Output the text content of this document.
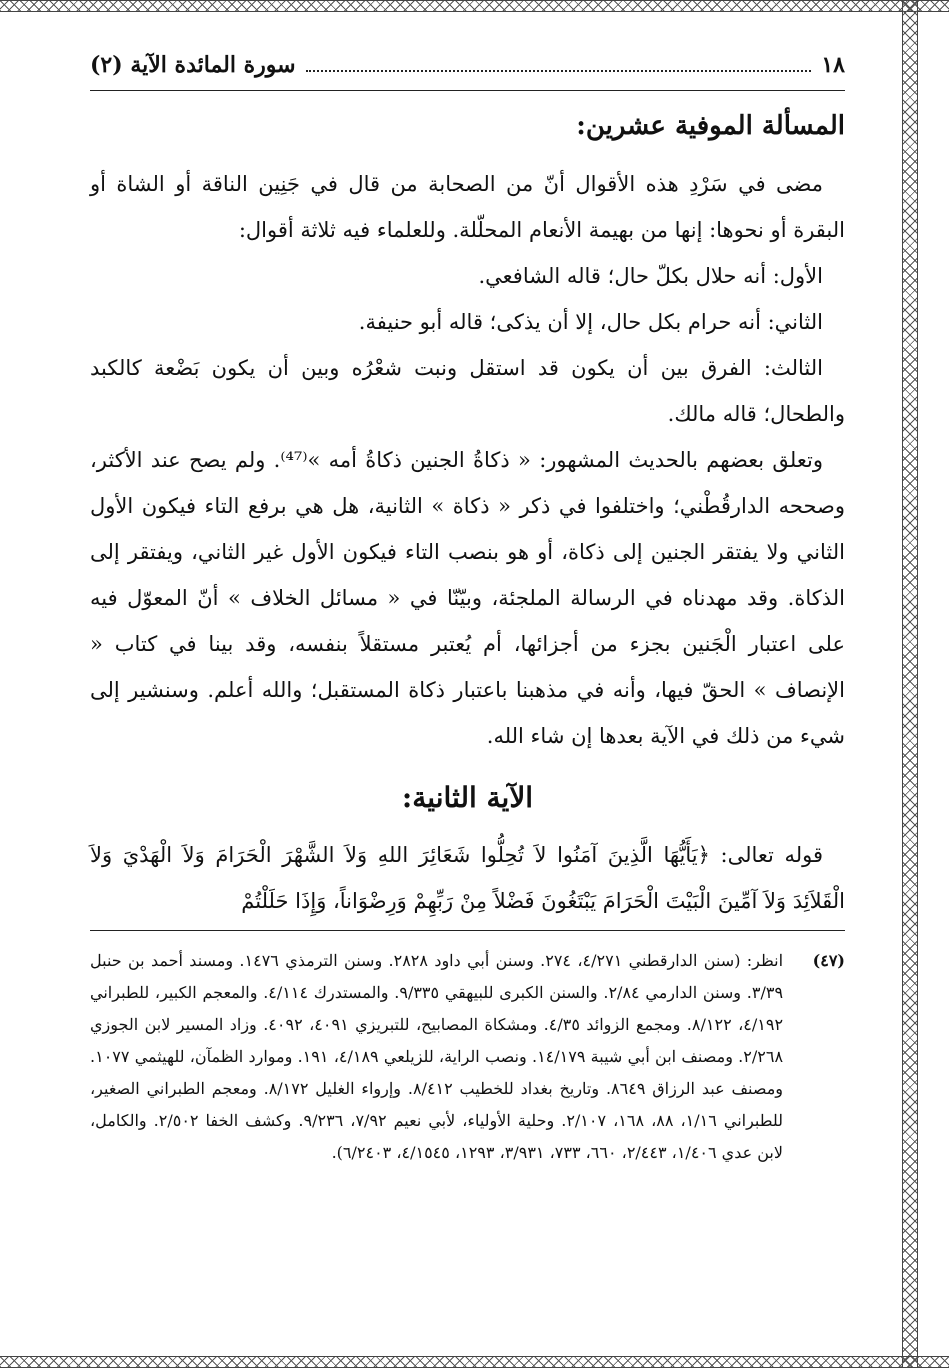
١٨
سورة المائدة الآية (٢)
المسألة الموفية عشرين:

مضى في سَرْدِ هذه الأقوال أنّ من الصحابة من قال في جَنِين الناقة أو الشاة أو البقرة أو نحوها: إنها من بهيمة الأنعام المحلّلة. وللعلماء فيه ثلاثة أقوال:

الأول: أنه حلال بكلّ حال؛ قاله الشافعي.

الثاني: أنه حرام بكل حال، إلا أن يذكى؛ قاله أبو حنيفة.

الثالث: الفرق بين أن يكون قد استقل ونبت شعْرُه وبين أن يكون بَضْعة كالكبد والطحال؛ قاله مالك.

وتعلق بعضهم بالحديث المشهور: « ذكاةُ الجنين ذكاةُ أمه »⁽⁴⁷⁾. ولم يصح عند الأكثر، وصححه الدارقُطْني؛ واختلفوا في ذكر « ذكاة » الثانية، هل هي برفع التاء فيكون الأول الثاني ولا يفتقر الجنين إلى ذكاة، أو هو بنصب التاء فيكون الأول غير الثاني، ويفتقر إلى الذكاة. وقد مهدناه في الرسالة الملجئة، وبيّنّا في « مسائل الخلاف » أنّ المعوّل فيه على اعتبار الْجَنين بجزء من أجزائها، أم يُعتبر مستقلاً بنفسه، وقد بينا في كتاب « الإنصاف » الحقّ فيها، وأنه في مذهبنا باعتبار ذكاة المستقبل؛ والله أعلم. وسنشير إلى شيء من ذلك في الآية بعدها إن شاء الله.

الآية الثانية:

قوله تعالى: ﴿يَأَيُّهَا الَّذِينَ آمَنُوا لاَ تُحِلُّوا شَعَائِرَ اللهِ وَلاَ الشَّهْرَ الْحَرَامَ وَلاَ الْهَدْيَ وَلاَ الْقَلاَئِدَ وَلاَ آمِّينَ الْبَيْتَ الْحَرَامَ يَبْتَغُونَ فَضْلاً مِنْ رَبِّهِمْ وَرِضْوَاناً، وَإِذَا حَلَلْتُمْ

(٤٧)
انظر: (سنن الدارقطني ٤/٢٧١، ٢٧٤. وسنن أبي داود ٢٨٢٨. وسنن الترمذي ١٤٧٦. ومسند أحمد بن حنبل ٣/٣٩. وسنن الدارمي ٢/٨٤. والسنن الكبرى للبيهقي ٩/٣٣٥. والمستدرك ٤/١١٤. والمعجم الكبير، للطبراني ٤/١٩٢، ٨/١٢٢. ومجمع الزوائد ٤/٣٥. ومشكاة المصابيح، للتبريزي ٤٠٩١، ٤٠٩٢. وزاد المسير لابن الجوزي ٢/٢٦٨. ومصنف ابن أبي شيبة ١٤/١٧٩. ونصب الراية، للزيلعي ٤/١٨٩، ١٩١. وموارد الظمآن، للهيثمي ١٠٧٧. ومصنف عبد الرزاق ٨٦٤٩. وتاريخ بغداد للخطيب ٨/٤١٢. وإرواء الغليل ٨/١٧٢. ومعجم الطبراني الصغير، للطبراني ١/١٦، ٨٨، ١٦٨، ٢/١٠٧. وحلية الأولياء، لأبي نعيم ٧/٩٢، ٩/٢٣٦. وكشف الخفا ٢/٥٠٢. والكامل، لابن عدي ١/٤٠٦، ٢/٤٤٣، ٦٦٠، ٧٣٣، ٣/٩٣١، ١٢٩٣، ٤/١٥٤٥، ٦/٢٤٠٣).
